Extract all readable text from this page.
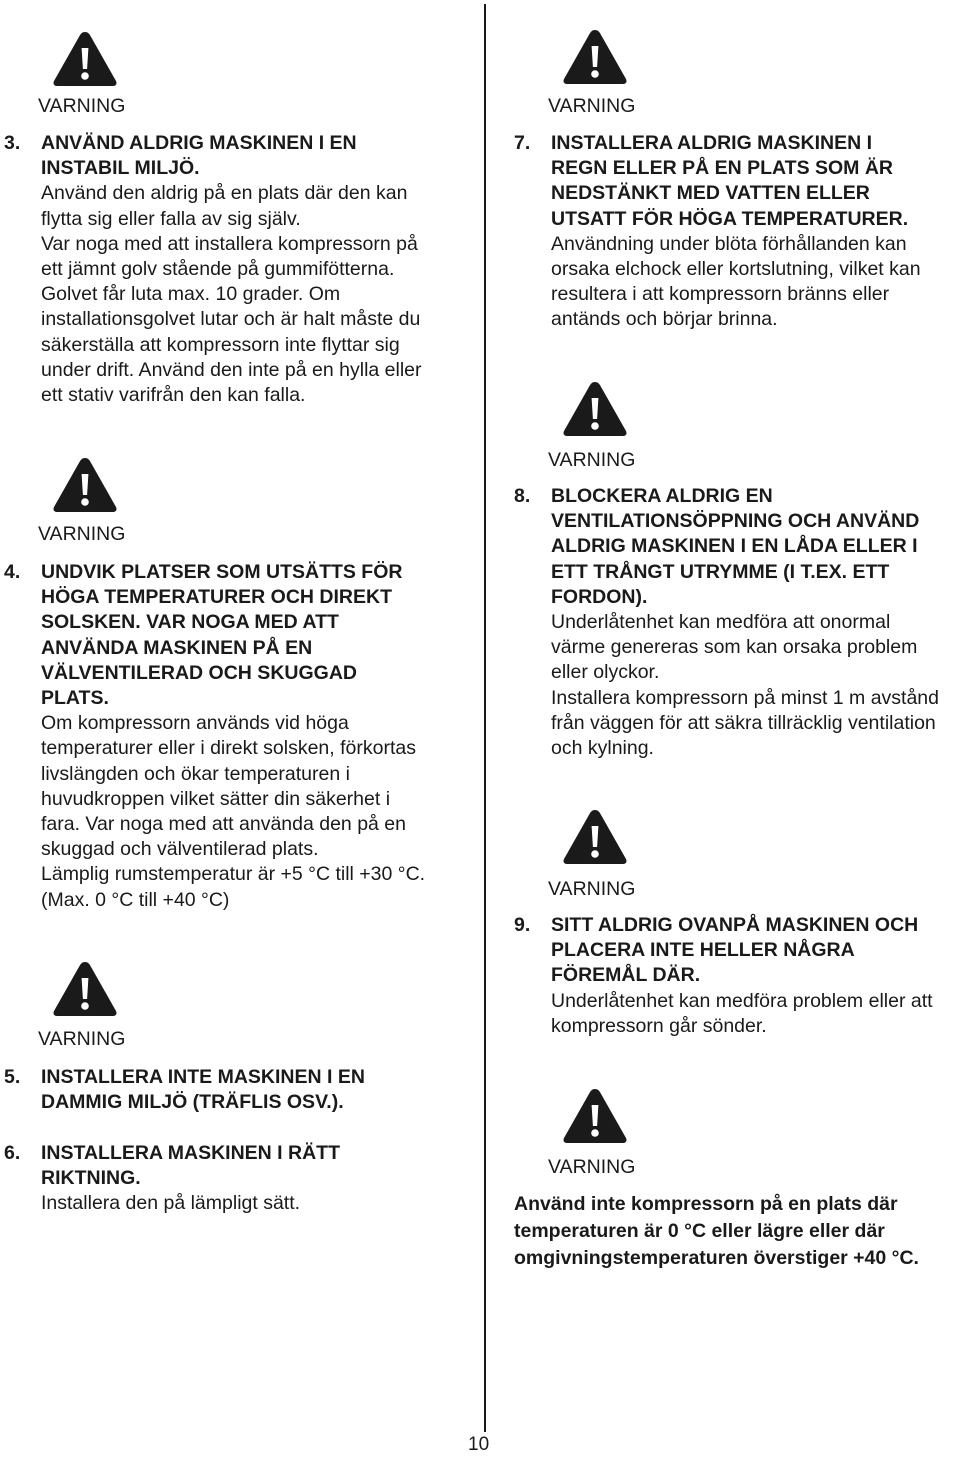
VARNING
3. ANVÄND ALDRIG MASKINEN I EN
INSTABIL MILJÖ.
Använd den aldrig på en plats där den kan
flytta sig eller falla av sig själv.
Var noga med att installera kompressorn på
ett jämnt golv stående på gummifötterna.
Golvet får luta max. 10 grader. Om
installationsgolvet lutar och är halt måste du
säkerställa att kompressorn inte flyttar sig
under drift. Använd den inte på en hylla eller
ett stativ varifrån den kan falla.
VARNING
4. UNDVIK PLATSER SOM UTSÄTTS FÖR
HÖGA TEMPERATURER OCH DIREKT
SOLSKEN. VAR NOGA MED ATT
ANVÄNDA MASKINEN PÅ EN
VÄLVENTILERAD OCH SKUGGAD
PLATS.
Om kompressorn används vid höga
temperaturer eller i direkt solsken, förkortas
livslängden och ökar temperaturen i
huvudkroppen vilket sätter din säkerhet i
fara. Var noga med att använda den på en
skuggad och välventilerad plats.
Lämplig rumstemperatur är +5 °C till +30 °C.
(Max. 0 °C till +40 °C)
VARNING
5. INSTALLERA INTE MASKINEN I EN
DAMMIG MILJÖ (TRÄFLIS OSV.).
6. INSTALLERA MASKINEN I RÄTT
RIKTNING.
Installera den på lämpligt sätt.
VARNING
7. INSTALLERA ALDRIG MASKINEN I
REGN ELLER PÅ EN PLATS SOM ÄR
NEDSTÄNKT MED VATTEN ELLER
UTSATT FÖR HÖGA TEMPERATURER.
Användning under blöta förhållanden kan
orsaka elchock eller kortslutning, vilket kan
resultera i att kompressorn bränns eller
antänds och börjar brinna.
VARNING
8. BLOCKERA ALDRIG EN
VENTILATIONSÖPPNING OCH ANVÄND
ALDRIG MASKINEN I EN LÅDA ELLER I
ETT TRÅNGT UTRYMME (I T.EX. ETT
FORDON).
Underlåtenhet kan medföra att onormal
värme genereras som kan orsaka problem
eller olyckor.
Installera kompressorn på minst 1 m avstånd
från väggen för att säkra tillräcklig ventilation
och kylning.
VARNING
9. SITT ALDRIG OVANPÅ MASKINEN OCH
PLACERA INTE HELLER NÅGRA
FÖREMÅL DÄR.
Underlåtenhet kan medföra problem eller att
kompressorn går sönder.
VARNING
Använd inte kompressorn på en plats där
temperaturen är 0 °C eller lägre eller där
omgivningstemperaturen överstiger +40 °C.
10
